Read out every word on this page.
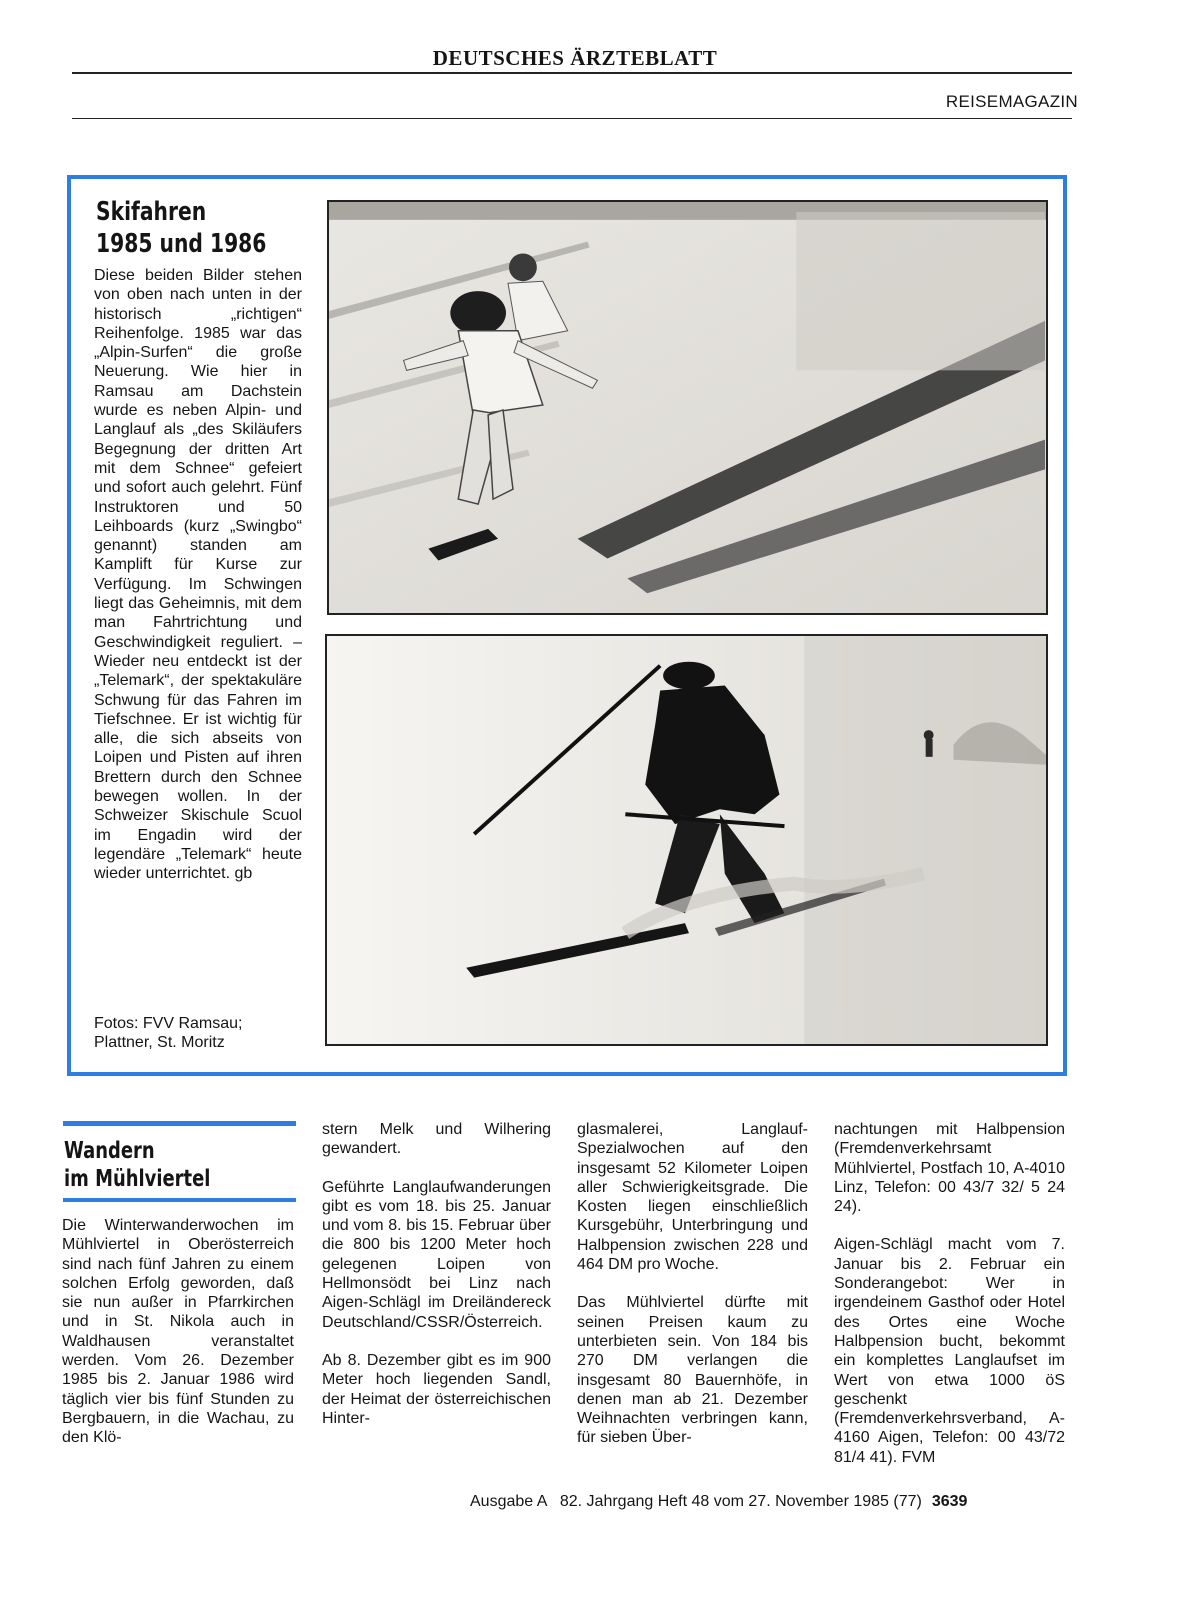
DEUTSCHES ÄRZTEBLATT
REISEMAGAZIN
Skifahren
1985 und 1986

Diese beiden Bilder stehen von oben nach unten in der historisch „richtigen“ Reihenfolge. 1985 war das „Alpin-Surfen“ die große Neuerung. Wie hier in Ramsau am Dachstein wurde es neben Alpin- und Langlauf als „des Skiläufers Begegnung der dritten Art mit dem Schnee“ gefeiert und sofort auch gelehrt. Fünf Instruktoren und 50 Leihboards (kurz „Swingbo“ genannt) standen am Kamplift für Kurse zur Verfügung. Im Schwingen liegt das Geheimnis, mit dem man Fahrtrichtung und Geschwindigkeit reguliert. – Wieder neu entdeckt ist der „Telemark“, der spektakuläre Schwung für das Fahren im Tiefschnee. Er ist wichtig für alle, die sich abseits von Loipen und Pisten auf ihren Brettern durch den Schnee bewegen wollen. In der Schweizer Skischule Scuol im Engadin wird der legendäre „Telemark“ heute wieder unterrichtet. gb

Fotos: FVV Ramsau; Plattner, St. Moritz

Wandern
im Mühlviertel

Die Winterwanderwochen im Mühlviertel in Oberösterreich sind nach fünf Jahren zu einem solchen Erfolg geworden, daß sie nun außer in Pfarrkirchen und in St. Nikola auch in Waldhausen veranstaltet werden. Vom 26. Dezember 1985 bis 2. Januar 1986 wird täglich vier bis fünf Stunden zu Bergbauern, in die Wachau, zu den Klö-

stern Melk und Wilhering gewandert.

Geführte Langlaufwanderungen gibt es vom 18. bis 25. Januar und vom 8. bis 15. Februar über die 800 bis 1200 Meter hoch gelegenen Loipen von Hellmonsödt bei Linz nach Aigen-Schlägl im Dreiländereck Deutschland/CSSR/Österreich.

Ab 8. Dezember gibt es im 900 Meter hoch liegenden Sandl, der Heimat der österreichischen Hinter-

glasmalerei, Langlauf-Spezialwochen auf den insgesamt 52 Kilometer Loipen aller Schwierigkeitsgrade. Die Kosten liegen einschließlich Kursgebühr, Unterbringung und Halbpension zwischen 228 und 464 DM pro Woche.

Das Mühlviertel dürfte mit seinen Preisen kaum zu unterbieten sein. Von 184 bis 270 DM verlangen die insgesamt 80 Bauernhöfe, in denen man ab 21. Dezember Weihnachten verbringen kann, für sieben Über-

nachtungen mit Halbpension (Fremdenverkehrsamt Mühlviertel, Postfach 10, A-4010 Linz, Telefon: 00 43/7 32/ 5 24 24).

Aigen-Schlägl macht vom 7. Januar bis 2. Februar ein Sonderangebot: Wer in irgendeinem Gasthof oder Hotel des Ortes eine Woche Halbpension bucht, bekommt ein komplettes Langlaufset im Wert von etwa 1000 öS geschenkt (Fremdenverkehrsverband, A-4160 Aigen, Telefon: 00 43/72 81/4 41). FVM

Ausgabe A   82. Jahrgang Heft 48 vom 27. November 1985 (77) 3639
